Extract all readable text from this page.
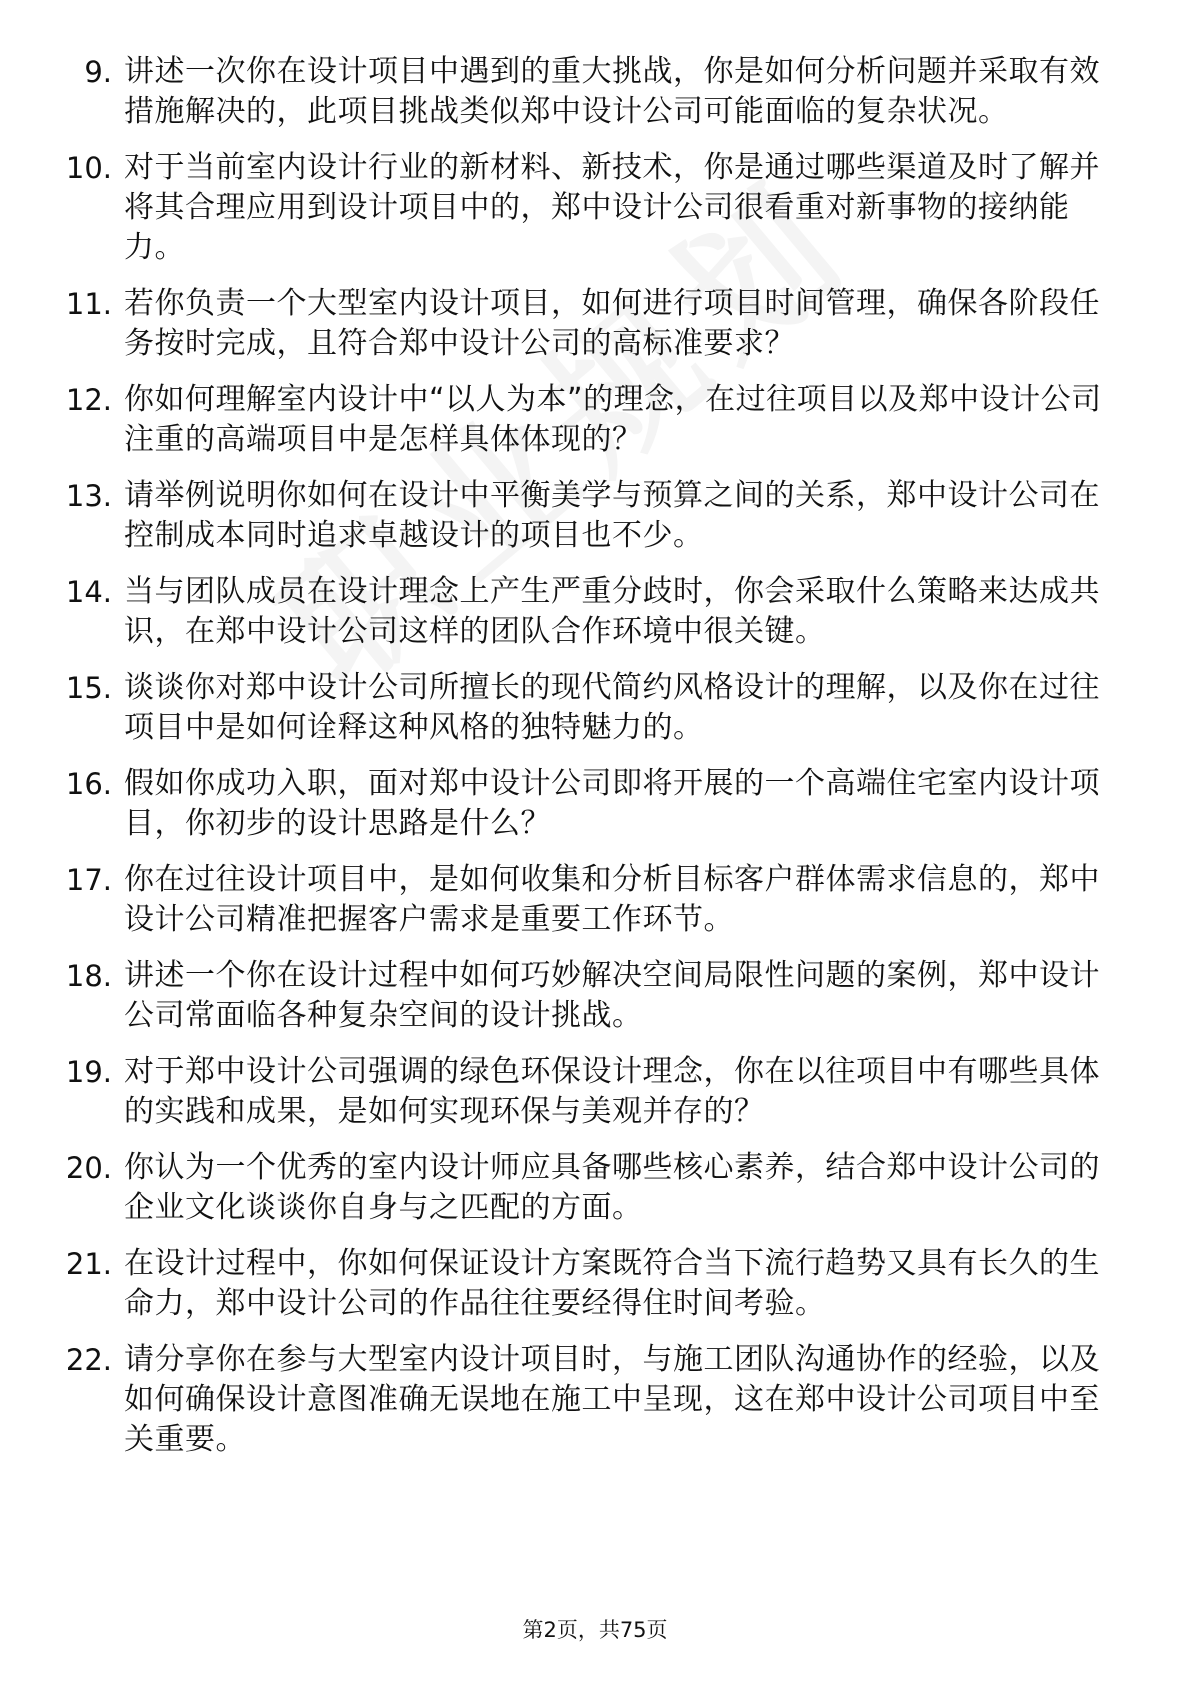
9. 讲述一次你在设计项目中遇到的重大挑战，你是如何分析问题并采取有效措施解决的，此项目挑战类似郑中设计公司可能面临的复杂状况。
10. 对于当前室内设计行业的新材料、新技术，你是通过哪些渠道及时了解并将其合理应用到设计项目中的，郑中设计公司很看重对新事物的接纳能力。
11. 若你负责一个大型室内设计项目，如何进行项目时间管理，确保各阶段任务按时完成，且符合郑中设计公司的高标准要求？
12. 你如何理解室内设计中“以人为本”的理念，在过往项目以及郑中设计公司注重的高端项目中是怎样具体体现的？
13. 请举例说明你如何在设计中平衡美学与预算之间的关系，郑中设计公司在控制成本同时追求卓越设计的项目也不少。
14. 当与团队成员在设计理念上产生严重分歧时，你会采取什么策略来达成共识，在郑中设计公司这样的团队合作环境中很关键。
15. 谈谈你对郑中设计公司所擅长的现代简约风格设计的理解，以及你在过往项目中是如何诠释这种风格的独特魅力的。
16. 假如你成功入职，面对郑中设计公司即将开展的一个高端住宅室内设计项目，你初步的设计思路是什么？
17. 你在过往设计项目中，是如何收集和分析目标客户群体需求信息的，郑中设计公司精准把握客户需求是重要工作环节。
18. 讲述一个你在设计过程中如何巧妙解决空间局限性问题的案例，郑中设计公司常面临各种复杂空间的设计挑战。
19. 对于郑中设计公司强调的绿色环保设计理念，你在以往项目中有哪些具体的实践和成果，是如何实现环保与美观并存的？
20. 你认为一个优秀的室内设计师应具备哪些核心素养，结合郑中设计公司的企业文化谈谈你自身与之匹配的方面。
21. 在设计过程中，你如何保证设计方案既符合当下流行趋势又具有长久的生命力，郑中设计公司的作品往往要经得住时间考验。
22. 请分享你在参与大型室内设计项目时，与施工团队沟通协作的经验，以及如何确保设计意图准确无误地在施工中呈现，这在郑中设计公司项目中至关重要。
第2页，共75页
